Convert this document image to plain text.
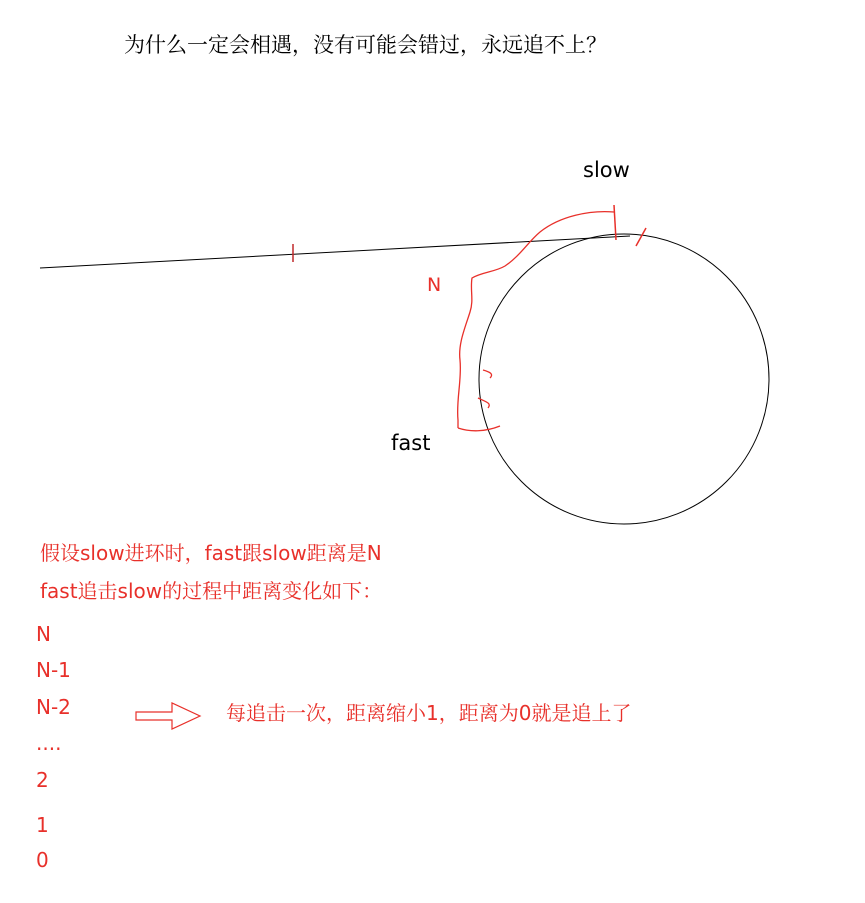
为什么一定会相遇，没有可能会错过，永远追不上？
slow
fast
N
假设slow进环时，fast跟slow距离是N
fast追击slow的过程中距离变化如下：
每追击一次，距离缩小1，距离为0就是追上了
N
N-1
N-2
....
2
1
0
